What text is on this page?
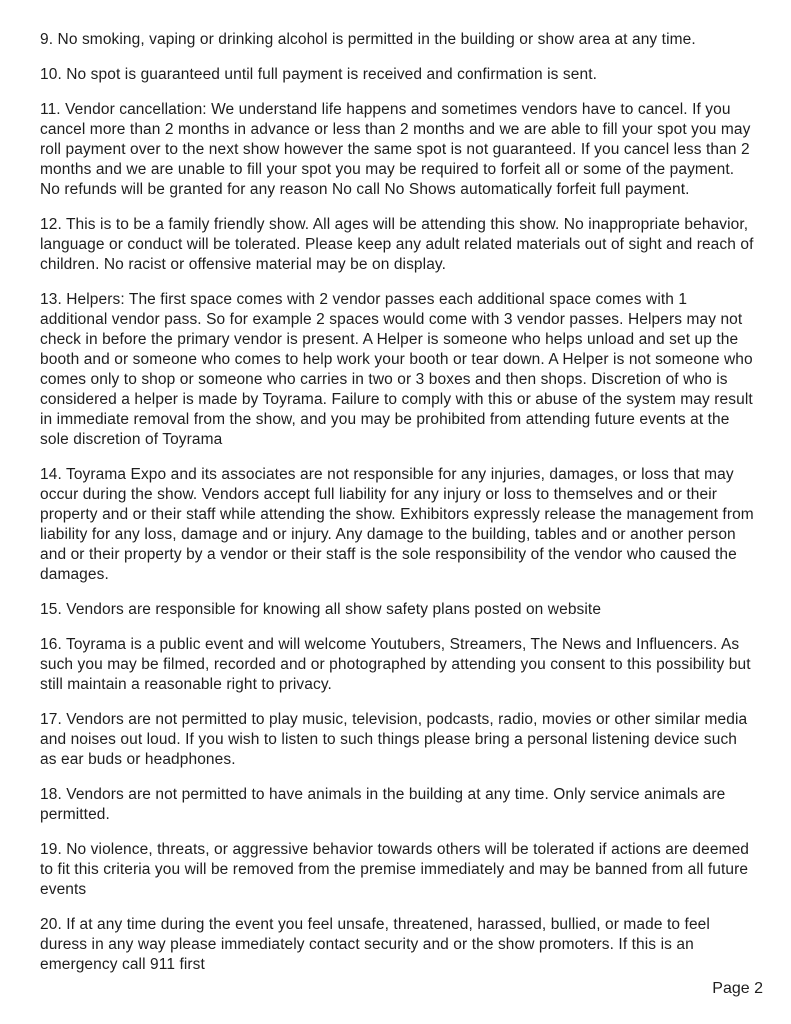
9. No smoking, vaping or drinking alcohol is permitted in the building or show area at any time.

10. No spot is guaranteed until full payment is received and confirmation is sent.

11. Vendor cancellation: We understand life happens and sometimes vendors have to cancel. If you cancel more than 2 months in advance or less than 2 months and we are able to fill your spot you may roll payment over to the next show however the same spot is not guaranteed. If you cancel less than 2 months and we are unable to fill your spot you may be required to forfeit all or some of the payment. No refunds will be granted for any reason No call No Shows automatically forfeit full payment.

12. This is to be a family friendly show. All ages will be attending this show. No inappropriate behavior, language or conduct will be tolerated. Please keep any adult related materials out of sight and reach of children. No racist or offensive material may be on display.

13. Helpers: The first space comes with 2 vendor passes each additional space comes with 1 additional vendor pass. So for example 2 spaces would come with 3 vendor passes. Helpers may not check in before the primary vendor is present. A Helper is someone who helps unload and set up the booth and or someone who comes to help work your booth or tear down. A Helper is not someone who comes only to shop or someone who carries in two or 3 boxes and then shops. Discretion of who is considered a helper is made by Toyrama. Failure to comply with this or abuse of the system may result in immediate removal from the show, and you may be prohibited from attending future events at the sole discretion of Toyrama

14. Toyrama Expo and its associates are not responsible for any injuries, damages, or loss that may occur during the show. Vendors accept full liability for any injury or loss to themselves and or their property and or their staff while attending the show. Exhibitors expressly release the management from liability for any loss, damage and or injury. Any damage to the building, tables and or another person and or their property by a vendor or their staff is the sole responsibility of the vendor who caused the damages.

15. Vendors are responsible for knowing all show safety plans posted on website

16. Toyrama is a public event and will welcome Youtubers, Streamers, The News and Influencers. As such you may be filmed, recorded and or photographed by attending you consent to this possibility but still maintain a reasonable right to privacy.

17. Vendors are not permitted to play music, television, podcasts, radio, movies or other similar media and noises out loud. If you wish to listen to such things please bring a personal listening device such as ear buds or headphones.

18. Vendors are not permitted to have animals in the building at any time. Only service animals are permitted.

19. No violence, threats, or aggressive behavior towards others will be tolerated if actions are deemed to fit this criteria you will be removed from the premise immediately and may be banned from all future events

20. If at any time during the event you feel unsafe, threatened, harassed, bullied, or made to feel duress in any way please immediately contact security and or the show promoters. If this is an emergency call 911 first

Page 2
